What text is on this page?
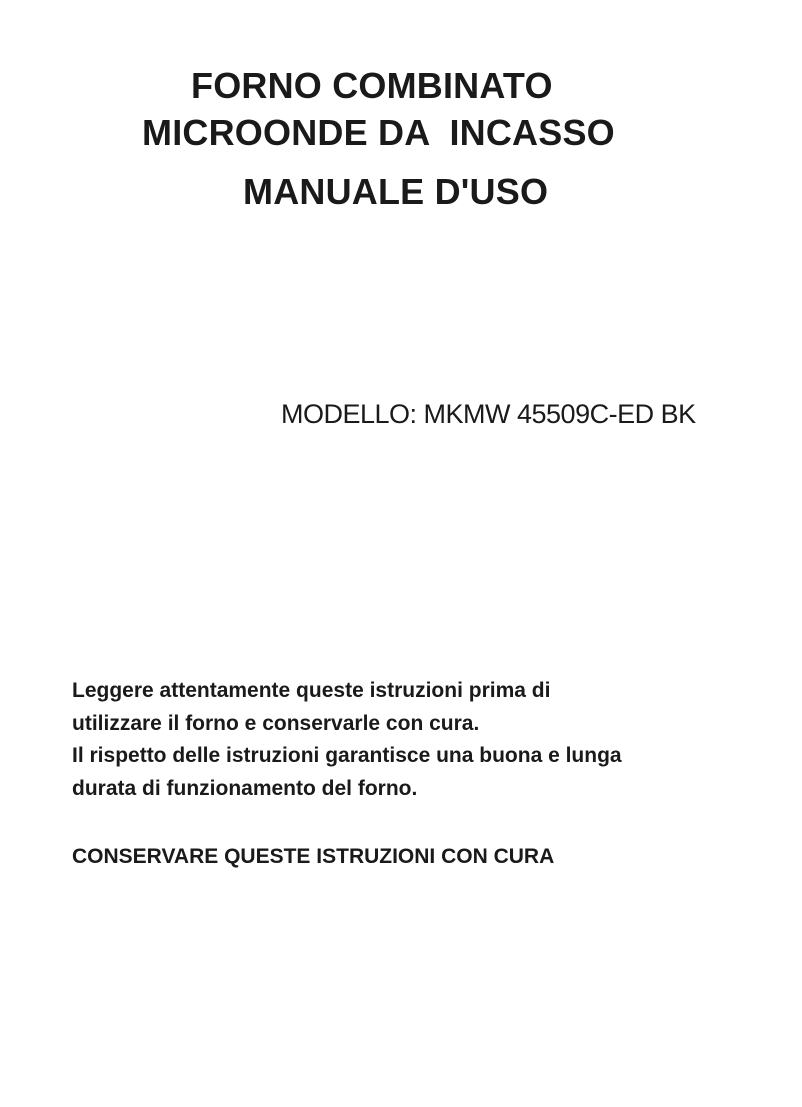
FORNO COMBINATO
MICROONDE DA  INCASSO
MANUALE D'USO
MODELLO: MKMW 45509C-ED BK
Leggere attentamente queste istruzioni prima di
utilizzare il forno e conservarle con cura.
Il rispetto delle istruzioni garantisce una buona e lunga
durata di funzionamento del forno.
CONSERVARE QUESTE ISTRUZIONI CON CURA
